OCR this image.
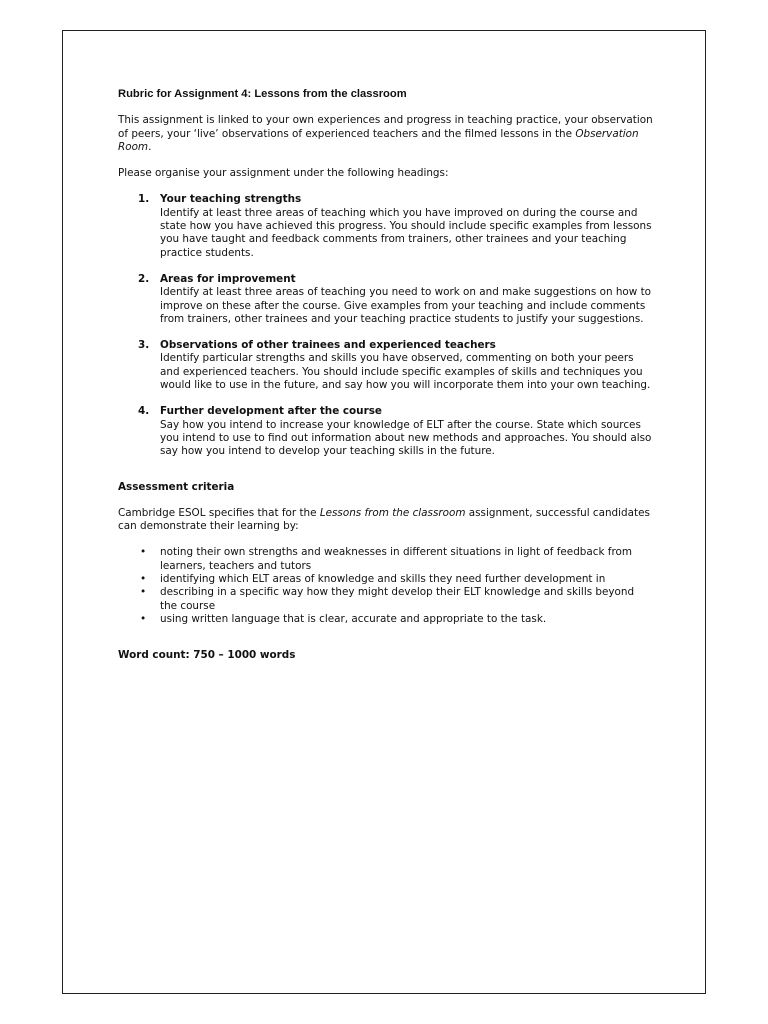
Rubric for Assignment 4: Lessons from the classroom

This assignment is linked to your own experiences and progress in teaching practice, your observation of peers, your ‘live’ observations of experienced teachers and the filmed lessons in the Observation Room.

Please organise your assignment under the following headings:

1. Your teaching strengths
Identify at least three areas of teaching which you have improved on during the course and state how you have achieved this progress. You should include specific examples from lessons you have taught and feedback comments from trainers, other trainees and your teaching practice students.
2. Areas for improvement
Identify at least three areas of teaching you need to work on and make suggestions on how to improve on these after the course. Give examples from your teaching and include comments from trainers, other trainees and your teaching practice students to justify your suggestions.
3. Observations of other trainees and experienced teachers
Identify particular strengths and skills you have observed, commenting on both your peers and experienced teachers. You should include specific examples of skills and techniques you would like to use in the future, and say how you will incorporate them into your own teaching.
4. Further development after the course
Say how you intend to increase your knowledge of ELT after the course. State which sources you intend to use to find out information about new methods and approaches. You should also say how you intend to develop your teaching skills in the future.
Assessment criteria

Cambridge ESOL specifies that for the Lessons from the classroom assignment, successful candidates can demonstrate their learning by:

• noting their own strengths and weaknesses in different situations in light of feedback from learners, teachers and tutors
• identifying which ELT areas of knowledge and skills they need further development in
• describing in a specific way how they might develop their ELT knowledge and skills beyond the course
• using written language that is clear, accurate and appropriate to the task.
Word count: 750 – 1000 words
